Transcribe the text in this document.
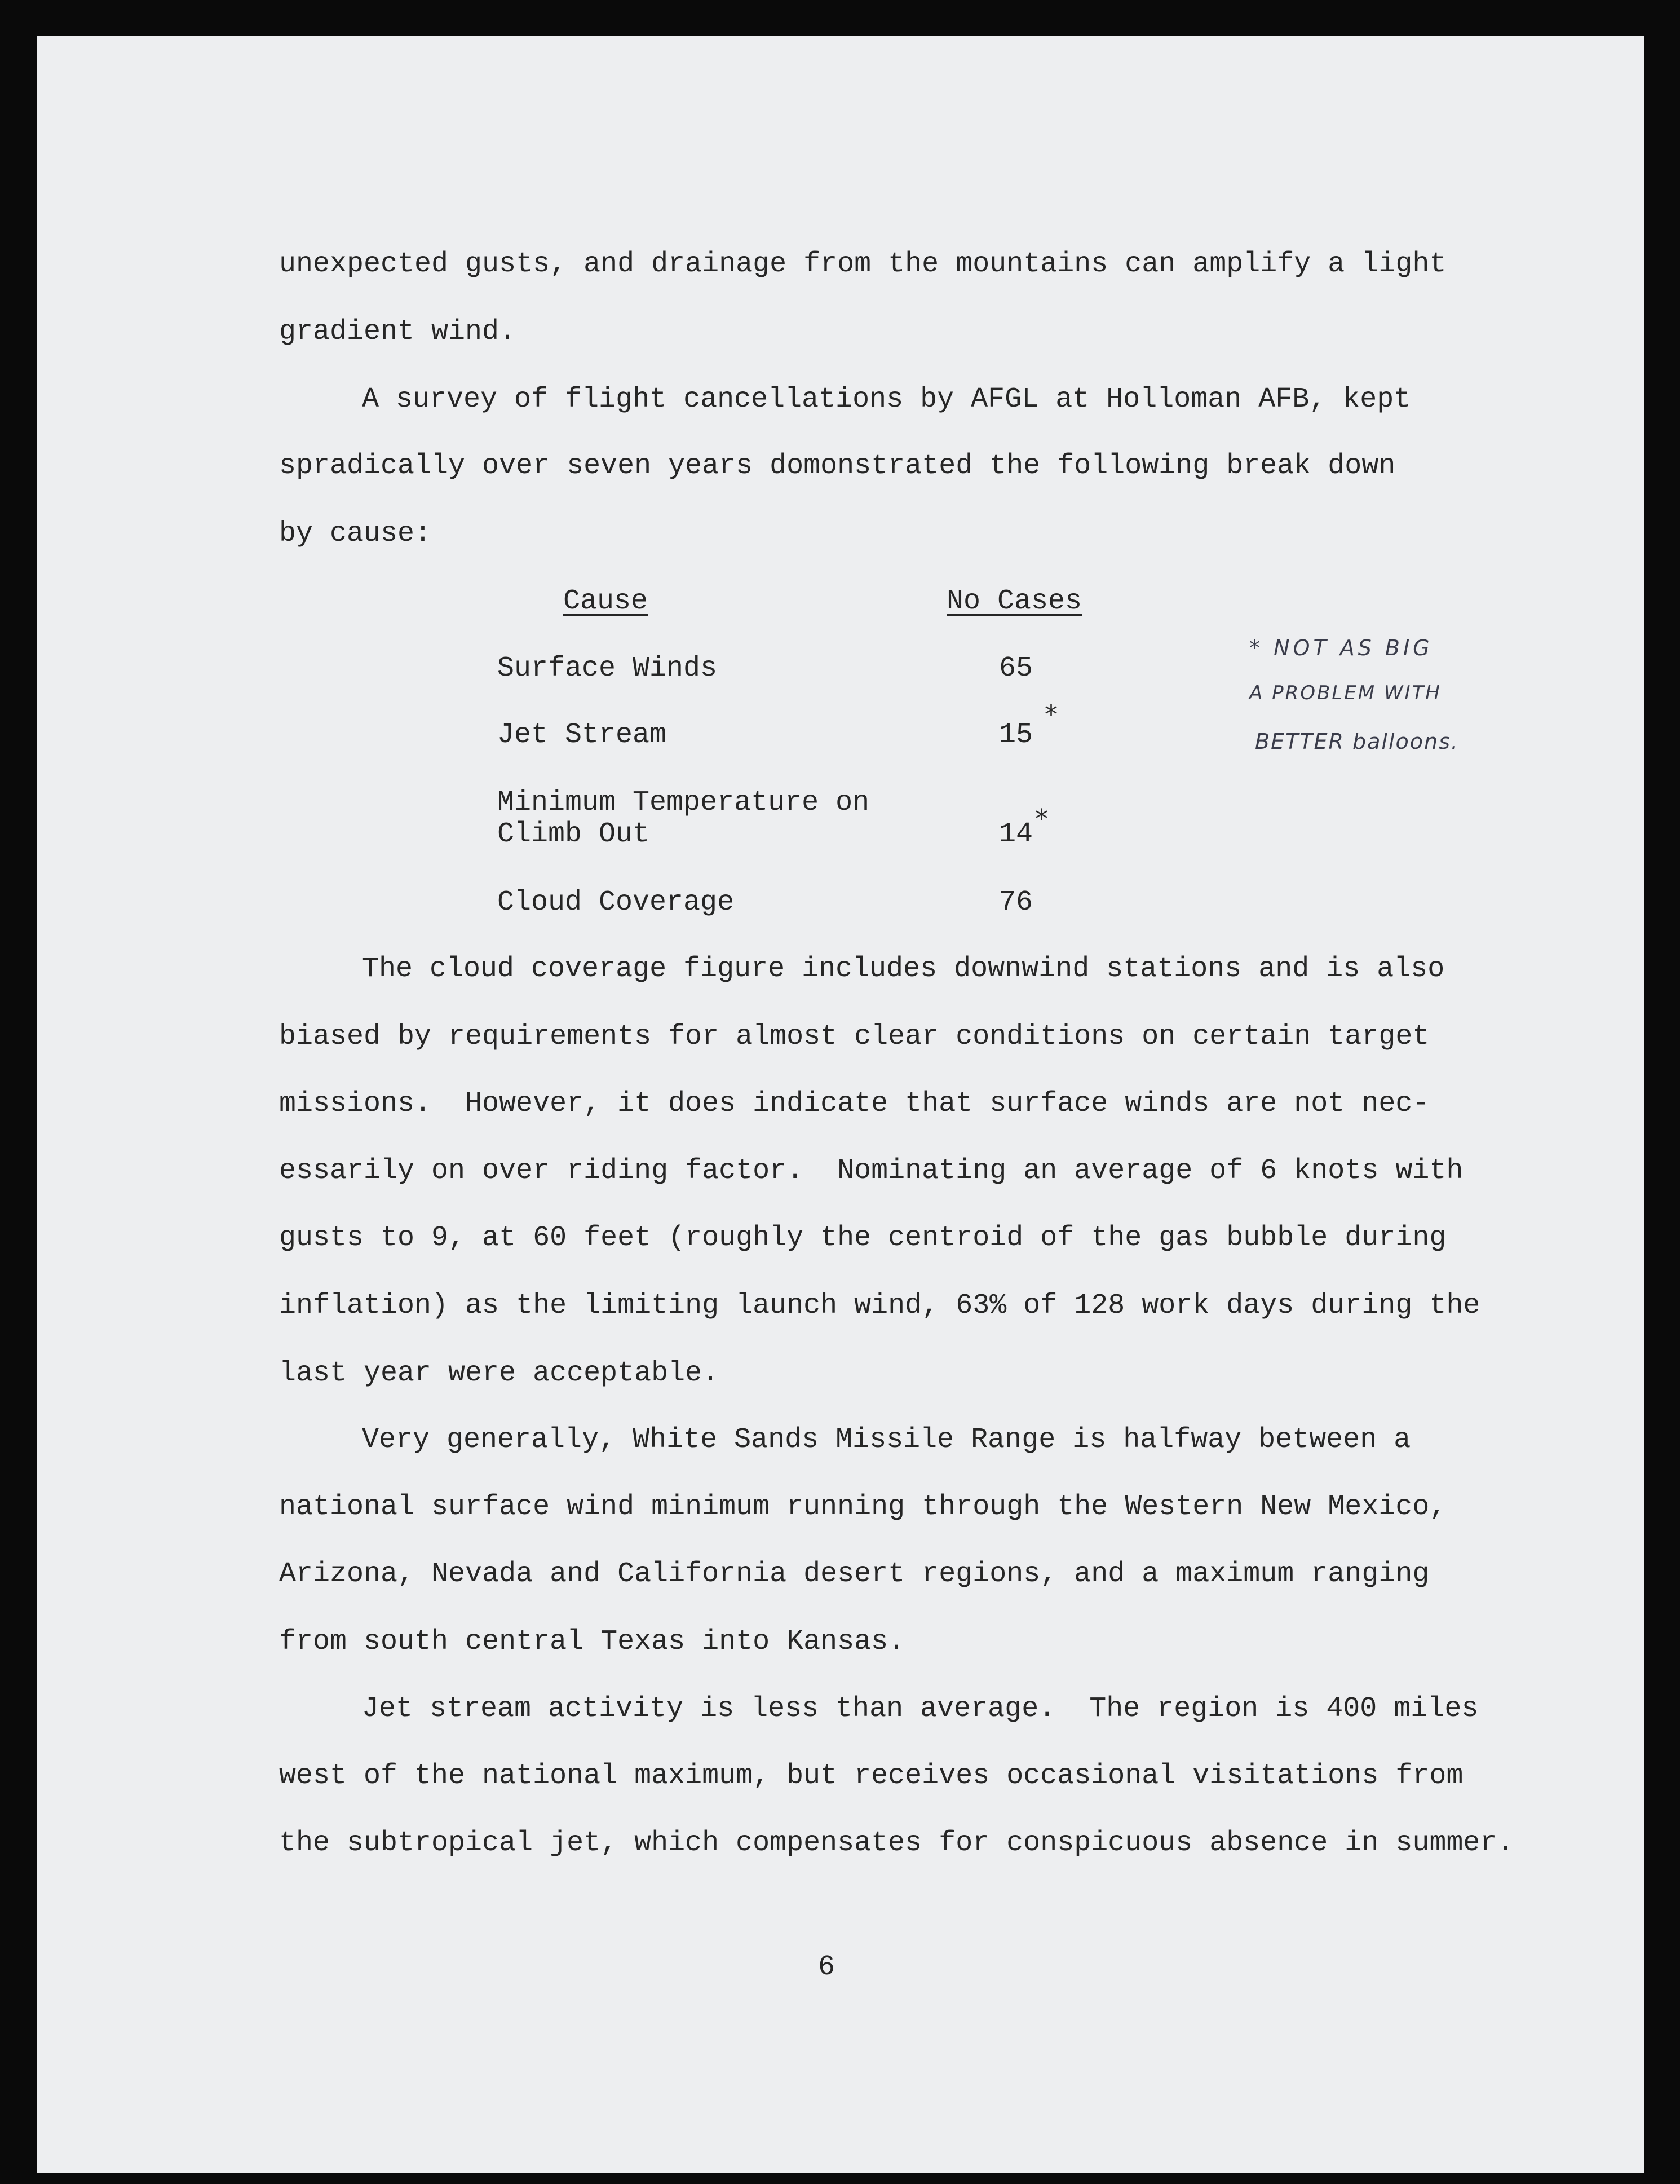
unexpected gusts, and drainage from the mountains can amplify a light
gradient wind.
A survey of flight cancellations by AFGL at Holloman AFB, kept
spradically over seven years domonstrated the following break down
by cause:
Cause	No Cases
Surface Winds	65
Jet Stream	15
*
Minimum Temperature on
Climb Out	14 *
Cloud Coverage	76
* NOT AS BIG
A PROBLEM WITH
BETTER balloons.
The cloud coverage figure includes downwind stations and is also
biased by requirements for almost clear conditions on certain target
missions.  However, it does indicate that surface winds are not nec-
essarily on over riding factor.  Nominating an average of 6 knots with
gusts to 9, at 60 feet (roughly the centroid of the gas bubble during
inflation) as the limiting launch wind, 63% of 128 work days during the
last year were acceptable.
Very generally, White Sands Missile Range is halfway between a
national surface wind minimum running through the Western New Mexico,
Arizona, Nevada and California desert regions, and a maximum ranging
from south central Texas into Kansas.
Jet stream activity is less than average.  The region is 400 miles
west of the national maximum, but receives occasional visitations from
the subtropical jet, which compensates for conspicuous absence in summer.
6
